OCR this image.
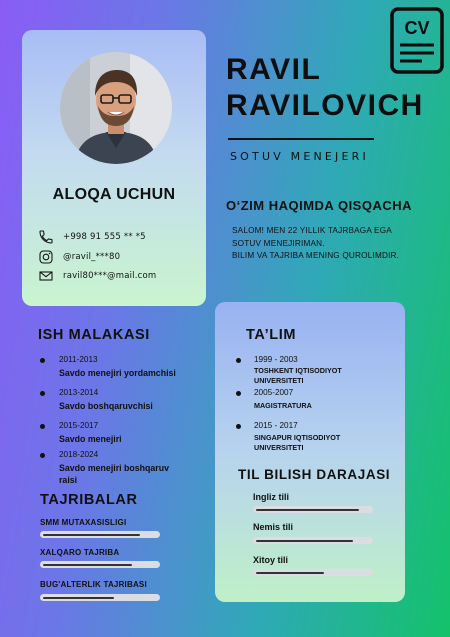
CV
ALOQA UCHUN
+998 91 555 ** *5
@ravil_***80
ravil80***@mail.com
RAVIL
RAVILOVICH
SOTUV MENEJERI
O‘ZIM HAQIMDA QISQACHA
SALOM! MEN 22 YILLIK TAJRBAGA EGA
SOTUV MENEJIRIMAN.
BILIM VA TAJRIBA MENING QUROLIMDIR.
ISH MALAKASI
2011-2013
Savdo menejiri yordamchisi
2013-2014
Savdo boshqaruvchisi
2015-2017
Savdo menejiri
2018-2024
Savdo menejiri boshqaruv
raisi
TAJRIBALAR
SMM MUTAXASISLIGI
XALQARO TAJRIBA
BUG'ALTERLIK TAJRIBASI
TA’LIM
1999 - 2003
TOSHKENT IQTISODIYOT
UNIVERSITETI
2005-2007
MAGISTRATURA
2015 - 2017
SINGAPUR IQTISODIYOT
UNIVERSITETI
TIL BILISH DARAJASI
Ingliz tili
Nemis tili
Xitoy tili
